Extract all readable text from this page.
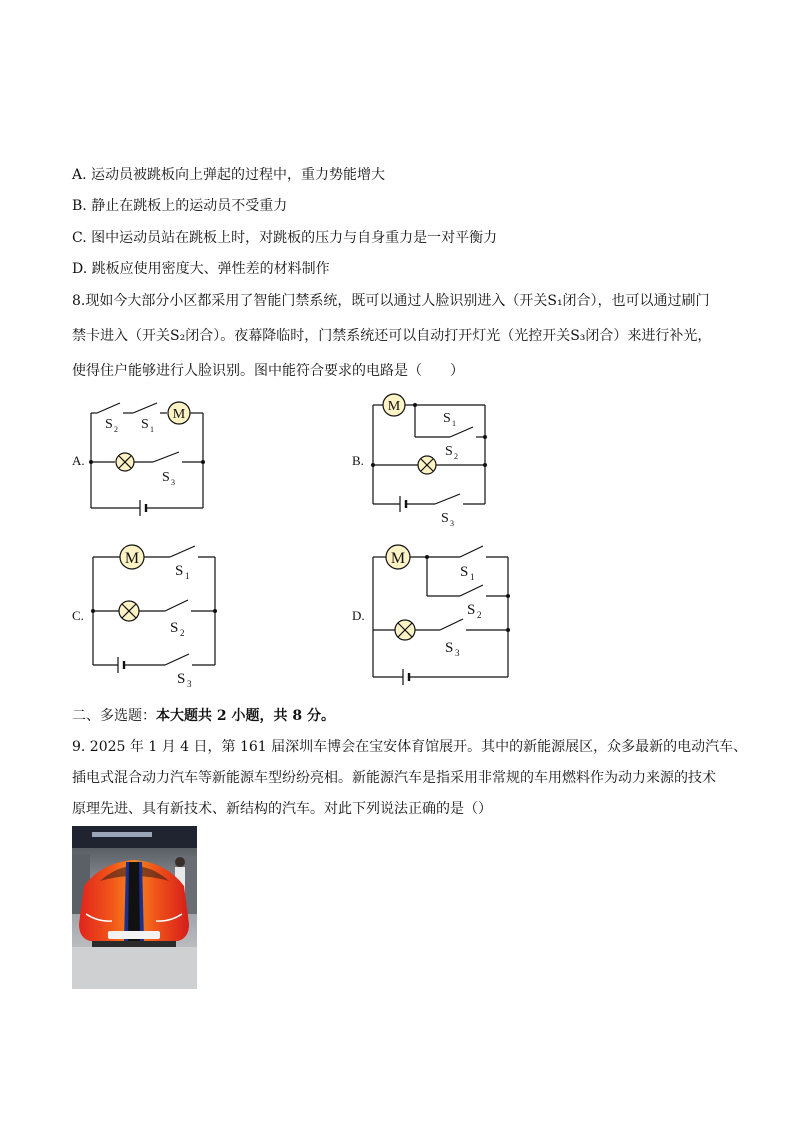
A. 运动员被跳板向上弹起的过程中，重力势能增大
B. 静止在跳板上的运动员不受重力
C. 图中运动员站在跳板上时，对跳板的压力与自身重力是一对平衡力
D. 跳板应使用密度大、弹性差的材料制作
8.现如今大部分小区都采用了智能门禁系统，既可以通过人脸识别进入（开关S₁闭合），也可以通过刷门
禁卡进入（开关S₂闭合）。夜幕降临时，门禁系统还可以自动打开灯光（光控开关S₃闭合）来进行补光，
使得住户能够进行人脸识别。图中能符合要求的电路是（　　）
A.
M
S 2 S 1
S 3
B.
M
S 1
S 2
S 3
C.
M
S 1
S 2
S 3
D.
M
S 1
S 2
S 3
二、多选题：本大题共 2 小题，共 8 分。
9. 2025 年 1 月 4 日，第 161 届深圳车博会在宝安体育馆展开。其中的新能源展区，众多最新的电动汽车、
插电式混合动力汽车等新能源车型纷纷亮相。新能源汽车是指采用非常规的车用燃料作为动力来源的技术
原理先进、具有新技术、新结构的汽车。对此下列说法正确的是（）
